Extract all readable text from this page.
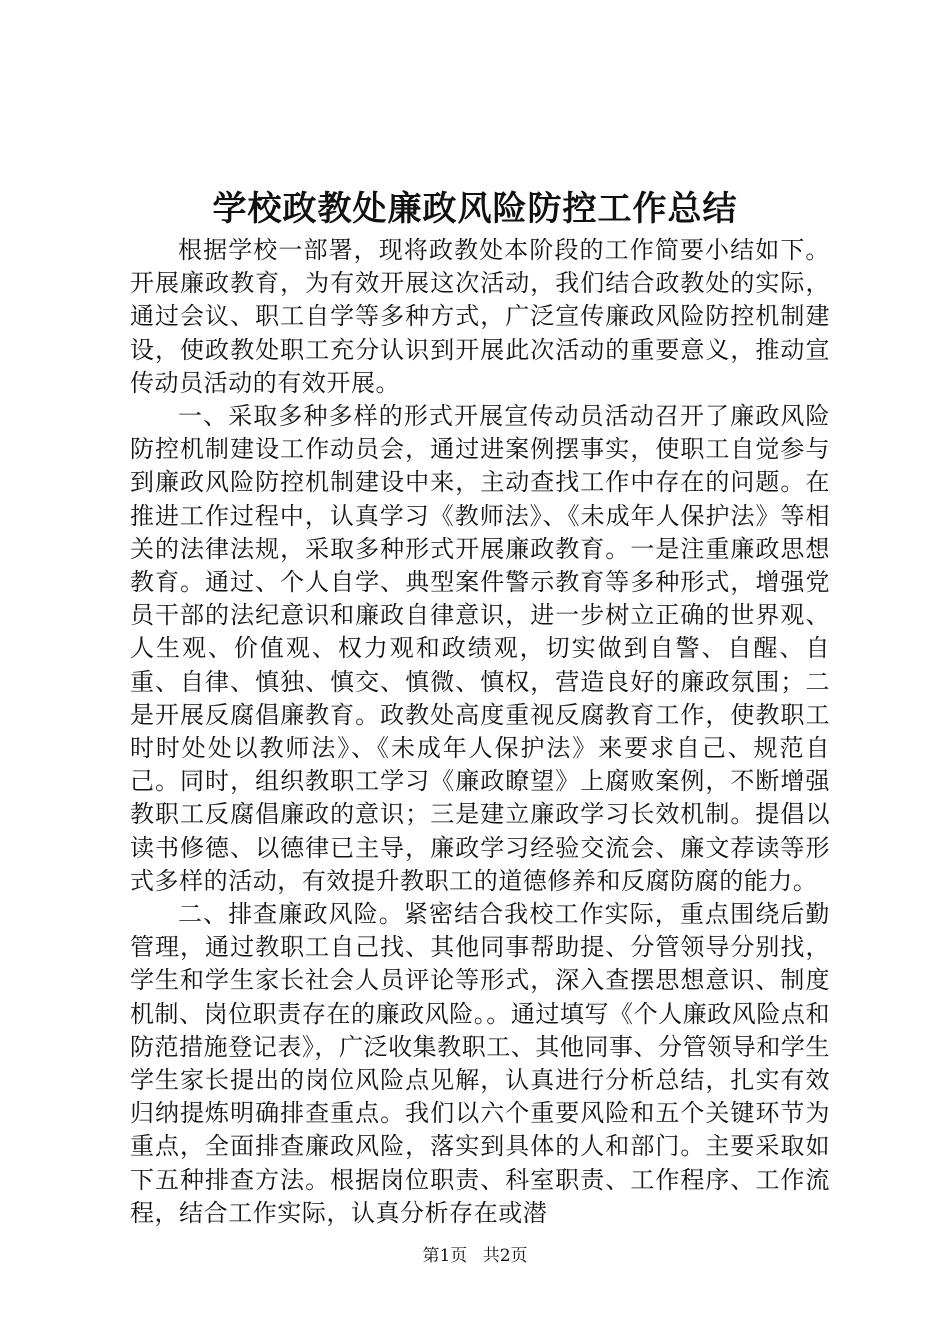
学校政教处廉政风险防控工作总结

根据学校一部署，现将政教处本阶段的工作简要小结如下。开展廉政教育，为有效开展这次活动，我们结合政教处的实际，通过会议、职工自学等多种方式，广泛宣传廉政风险防控机制建设，使政教处职工充分认识到开展此次活动的重要意义，推动宣传动员活动的有效开展。

一、采取多种多样的形式开展宣传动员活动召开了廉政风险防控机制建设工作动员会，通过进案例摆事实，使职工自觉参与到廉政风险防控机制建设中来，主动查找工作中存在的问题。在推进工作过程中，认真学习《教师法》、《未成年人保护法》等相关的法律法规，采取多种形式开展廉政教育。一是注重廉政思想教育。通过、个人自学、典型案件警示教育等多种形式，增强党员干部的法纪意识和廉政自律意识，进一步树立正确的世界观、人生观、价值观、权力观和政绩观，切实做到自警、自醒、自重、自律、慎独、慎交、慎微、慎权，营造良好的廉政氛围；二是开展反腐倡廉教育。政教处高度重视反腐教育工作，使教职工时时处处以教师法》、《未成年人保护法》来要求自己、规范自己。同时，组织教职工学习《廉政瞭望》上腐败案例，不断增强教职工反腐倡廉政的意识；三是建立廉政学习长效机制。提倡以读书修德、以德律已主导，廉政学习经验交流会、廉文荐读等形式多样的活动，有效提升教职工的道德修养和反腐防腐的能力。

二、排查廉政风险。紧密结合我校工作实际，重点围绕后勤管理，通过教职工自己找、其他同事帮助提、分管领导分别找，学生和学生家长社会人员评论等形式，深入查摆思想意识、制度机制、岗位职责存在的廉政风险。。通过填写《个人廉政风险点和防范措施登记表》，广泛收集教职工、其他同事、分管领导和学生学生家长提出的岗位风险点见解，认真进行分析总结，扎实有效归纳提炼明确排查重点。我们以六个重要风险和五个关键环节为重点，全面排查廉政风险，落实到具体的人和部门。主要采取如下五种排查方法。根据岗位职责、科室职责、工作程序、工作流程，结合工作实际，认真分析存在或潜

第1页 共2页
